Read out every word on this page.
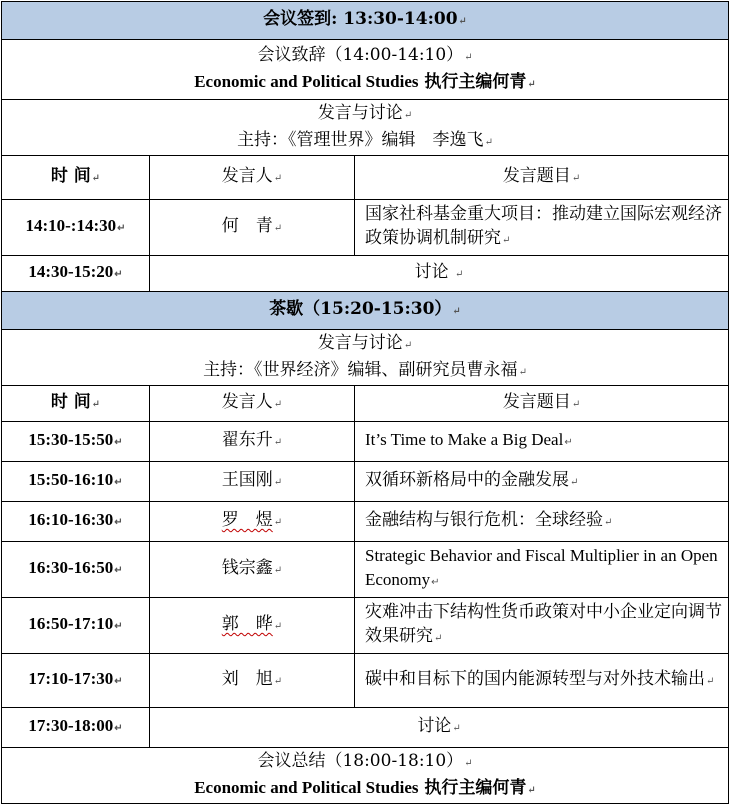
会议签到: 13:30-14:00↵		

会议致辞（14:00-14:10）↵
Economic and Political Studies 执行主编何青↵		

发言与讨论↵
主持：《管理世界》编辑　李逸飞↵		

时 间↵	发言人↵	发言题目↵
14:10-:14:30↵	何　青↵	国家社科基金重大项目：推动建立国际宏观经济政策协调机制研究↵
14:30-15:20↵	讨论 ↵	
茶歇（15:20-15:30）↵		

发言与讨论↵
主持：《世界经济》编辑、副研究员曹永福↵		

时 间↵	发言人↵	发言题目↵
15:30-15:50↵	翟东升↵	It’s Time to Make a Big Deal↵
15:50-16:10↵	王国刚↵	双循环新格局中的金融发展↵
16:10-16:30↵	罗　煜↵	金融结构与银行危机：全球经验↵
16:30-16:50↵	钱宗鑫↵	Strategic Behavior and Fiscal Multiplier in an Open Economy↵
16:50-17:10↵	郭　晔↵	灾难冲击下结构性货币政策对中小企业定向调节效果研究↵
17:10-17:30↵	刘　旭↵	碳中和目标下的国内能源转型与对外技术输出↵
17:30-18:00↵	讨论↵	

会议总结（18:00-18:10）↵
Economic and Political Studies 执行主编何青↵		
